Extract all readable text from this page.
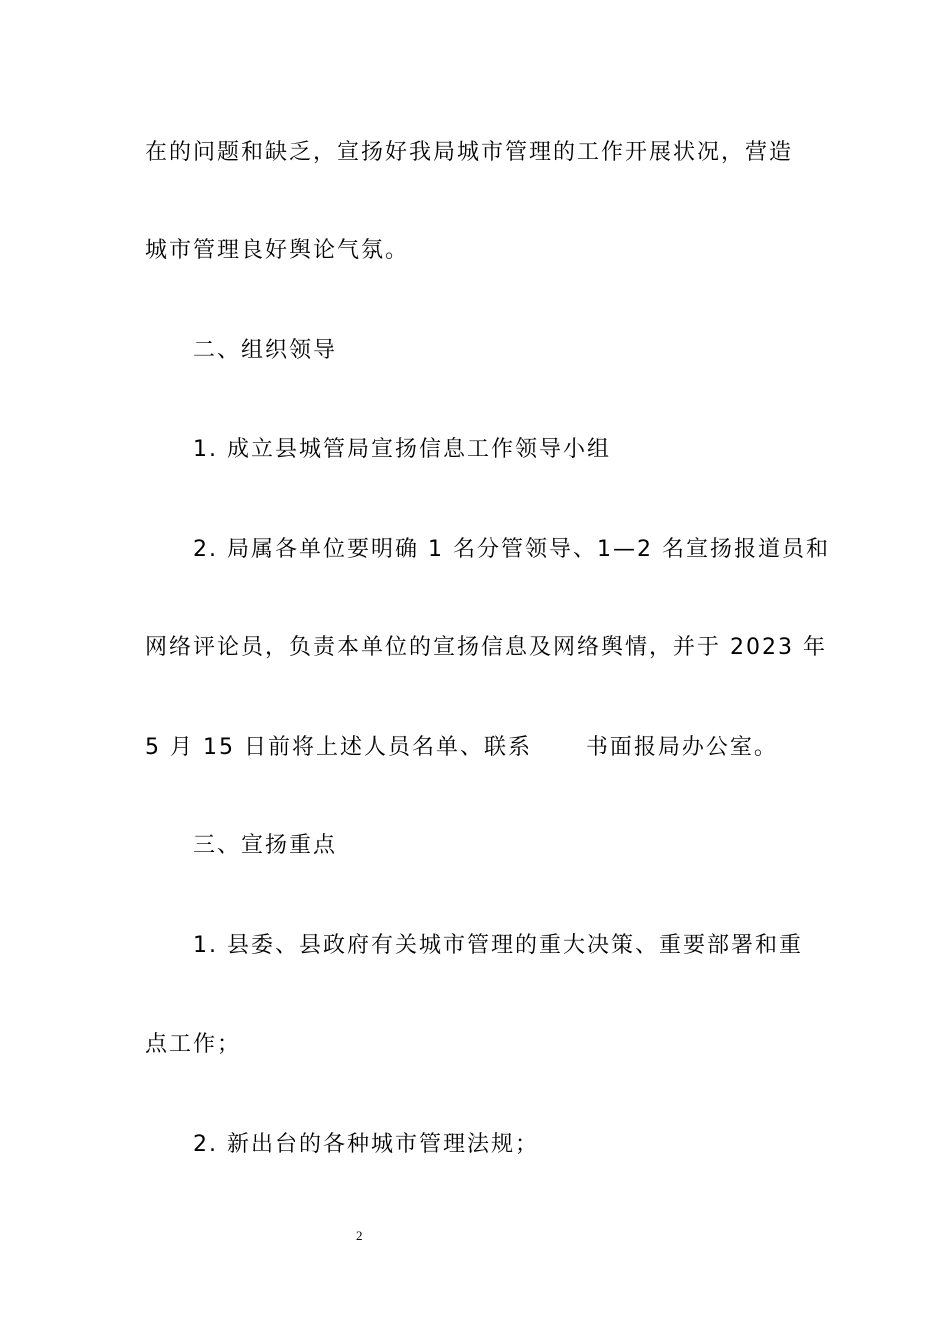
在的问题和缺乏，宣扬好我局城市管理的工作开展状况，营造
城市管理良好舆论气氛。
二、组织领导
1. 成立县城管局宣扬信息工作领导小组
2. 局属各单位要明确 1 名分管领导、1—2 名宣扬报道员和
网络评论员，负责本单位的宣扬信息及网络舆情，并于 2023 年
5 月 15 日前将上述人员名单、联系      书面报局办公室。
三、宣扬重点
1. 县委、县政府有关城市管理的重大决策、重要部署和重
点工作；
2. 新出台的各种城市管理法规；
2
